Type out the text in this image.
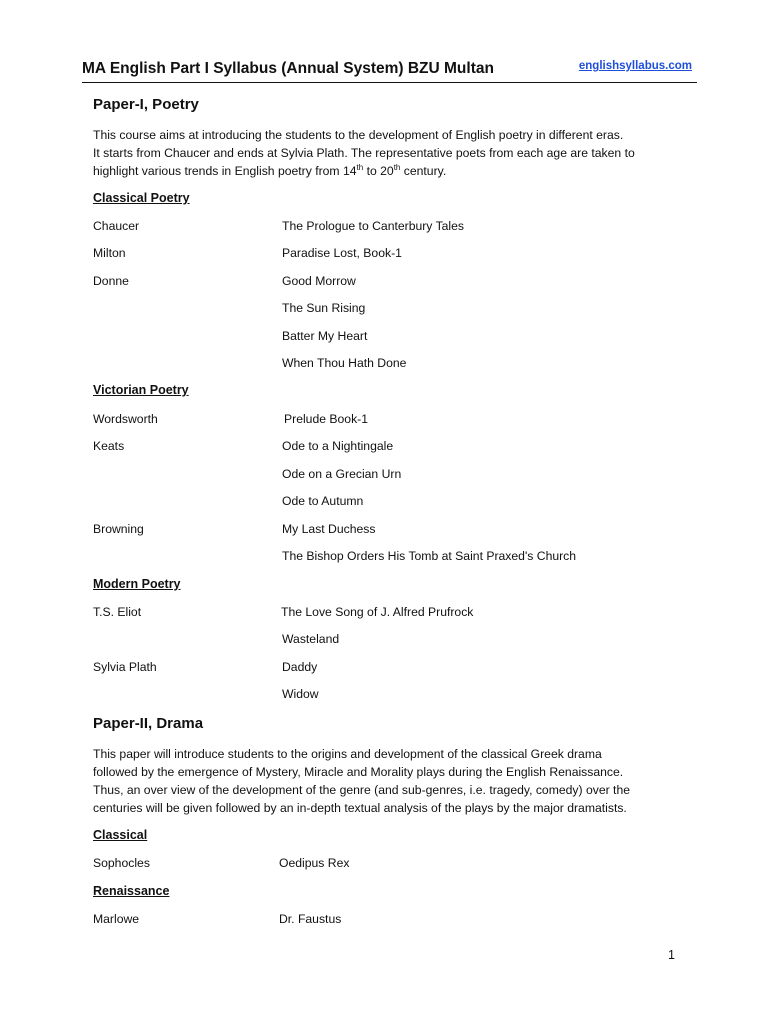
MA English Part I Syllabus (Annual System) BZU Multan	englishsyllabus.com
Paper-I, Poetry
This course aims at introducing the students to the development of English poetry in different eras.
It starts from Chaucer and ends at Sylvia Plath. The representative poets from each age are taken to
highlight various trends in English poetry from 14th to 20th century.
Classical Poetry
Chaucer	The Prologue to Canterbury Tales
Milton	Paradise Lost, Book-1
Donne	Good Morrow
The Sun Rising
Batter My Heart
When Thou Hath Done
Victorian Poetry
Wordsworth	Prelude Book-1
Keats	Ode to a Nightingale
Ode on a Grecian Urn
Ode to Autumn
Browning	My Last Duchess
The Bishop Orders His Tomb at Saint Praxed's Church
Modern Poetry
T.S. Eliot	The Love Song of J. Alfred Prufrock
Wasteland
Sylvia Plath	Daddy
Widow
Paper-II, Drama
This paper will introduce students to the origins and development of the classical Greek drama
followed by the emergence of Mystery, Miracle and Morality plays during the English Renaissance.
Thus, an over view of the development of the genre (and sub-genres, i.e. tragedy, comedy) over the
centuries will be given followed by an in-depth textual analysis of the plays by the major dramatists.
Classical
Sophocles	Oedipus Rex
Renaissance
Marlowe	Dr. Faustus
1
